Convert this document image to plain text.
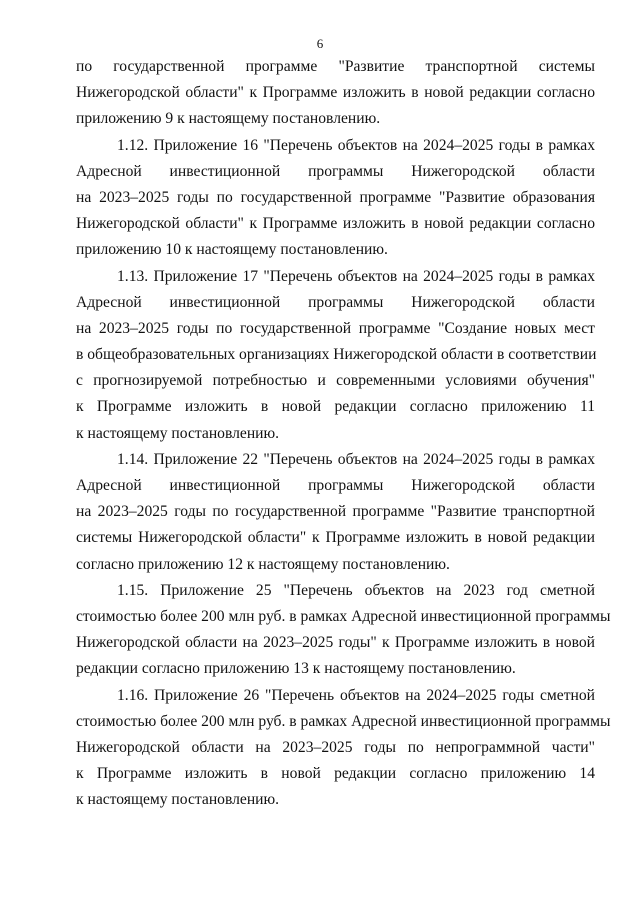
6
по государственной программе "Развитие транспортной системы
Нижегородской области" к Программе изложить в новой редакции согласно
приложению 9 к настоящему постановлению.
1.12. Приложение 16 "Перечень объектов на 2024–2025 годы в рамках
Адресной инвестиционной программы Нижегородской области
на 2023–2025 годы по государственной программе "Развитие образования
Нижегородской области" к Программе изложить в новой редакции согласно
приложению 10 к настоящему постановлению.
1.13. Приложение 17 "Перечень объектов на 2024–2025 годы в рамках
Адресной инвестиционной программы Нижегородской области
на 2023–2025 годы по государственной программе "Создание новых мест
в общеобразовательных организациях Нижегородской области в соответствии
с прогнозируемой потребностью и современными условиями обучения"
к Программе изложить в новой редакции согласно приложению 11
к настоящему постановлению.
1.14. Приложение 22 "Перечень объектов на 2024–2025 годы в рамках
Адресной инвестиционной программы Нижегородской области
на 2023–2025 годы по государственной программе "Развитие транспортной
системы Нижегородской области" к Программе изложить в новой редакции
согласно приложению 12 к настоящему постановлению.
1.15. Приложение 25 "Перечень объектов на 2023 год сметной
стоимостью более 200 млн руб. в рамках Адресной инвестиционной программы
Нижегородской области на 2023–2025 годы" к Программе изложить в новой
редакции согласно приложению 13 к настоящему постановлению.
1.16. Приложение 26 "Перечень объектов на 2024–2025 годы сметной
стоимостью более 200 млн руб. в рамках Адресной инвестиционной программы
Нижегородской области на 2023–2025 годы по непрограммной части"
к Программе изложить в новой редакции согласно приложению 14
к настоящему постановлению.
